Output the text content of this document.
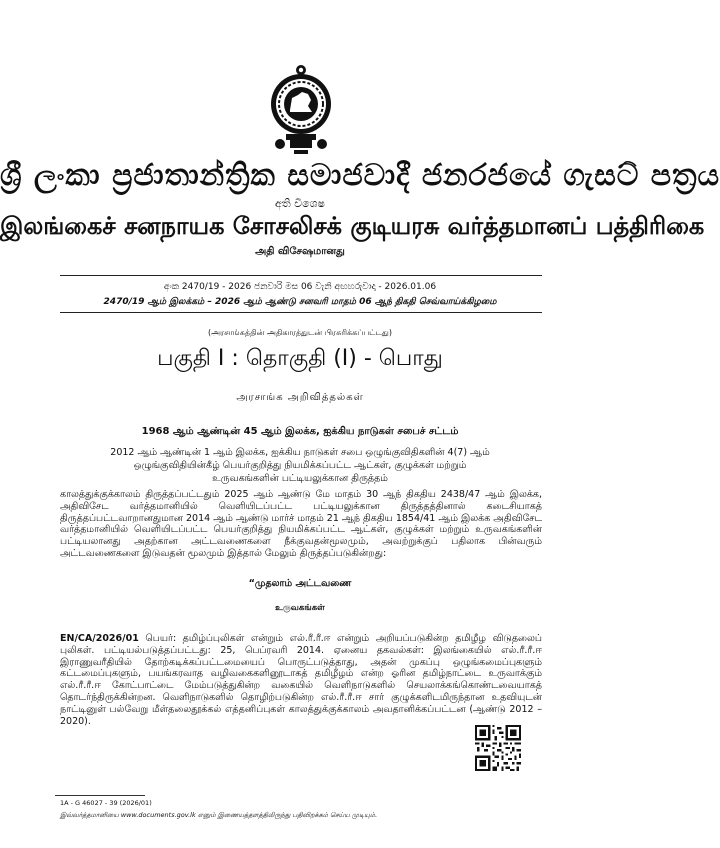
ශ්‍රී ලංකා ප්‍රජාතාන්ත්‍රික සමාජවාදී ජනරජයේ ගැසට් පත්‍රය
අති විශෙෂ
இலங்கைச் சனநாயக சோசலிசக் குடியரசு வர்த்தமானப் பத்திரிகை
அதி விசேஷமானது
අංක 2470/19 - 2026 ජනවාරි මස 06 වැනි අඟහරුවාදා - 2026.01.06
2470/19 ஆம் இலக்கம் – 2026 ஆம் ஆண்டு சனவரி மாதம் 06 ஆந் திகதி செவ்வாய்க்கிழமை
(அரசாங்கத்தின் அதிகாரத்துடன் பிரசுரிக்கப்பட்டது)
பகுதி I : தொகுதி (I) - பொது
அரசாங்க அறிவித்தல்கள்
1968 ஆம் ஆண்டின் 45 ஆம் இலக்க, ஐக்கிய நாடுகள் சபைச் சட்டம்
2012 ஆம் ஆண்டின் 1 ஆம் இலக்க, ஐக்கிய நாடுகள் சபை ஒழுங்குவிதிகளின் 4(7) ஆம் ஒழுங்குவிதியின்கீழ் பெயர்குறித்து நியமிக்கப்பட்ட ஆட்கள், குழுக்கள் மற்றும் உருவகங்களின் பட்டியலுக்கான திருத்தம்
காலத்துக்குக்காலம் திருத்தப்பட்டதும் 2025 ஆம் ஆண்டு மே மாதம் 30 ஆந் திகதிய 2438/47 ஆம் இலக்க, அதிவிசேட வர்த்தமானியில் வெளியிடப்பட்ட பட்டியலுக்கான திருத்தத்தினால் கடைசியாகத் திருத்தப்பட்டவாறானதுமான 2014 ஆம் ஆண்டு மார்ச் மாதம் 21 ஆந் திகதிய 1854/41 ஆம் இலக்க அதிவிசேட வர்த்தமானியில் வெளியிடப்பட்ட பெயர்குறித்து நியமிக்கப்பட்ட ஆட்கள், குழுக்கள் மற்றும் உருவகங்களின் பட்டியலானது அதற்கான அட்டவணைகளை நீக்குவதன்மூலமும், அவற்றுக்குப் பதிலாக பின்வரும் அட்டவணைகளை இடுவதன் மூலமும் இத்தால் மேலும் திருத்தப்படுகின்றது:
“முதலாம் அட்டவணை
உருவகங்கள்
EN/CA/2026/01 பெயர்: தமிழ்ப்புலிகள் என்றும் எல்.ரீ.ரீ.ஈ என்றும் அறியப்படுகின்ற தமிழீழ விடுதலைப் புலிகள். பட்டியல்படுத்தப்பட்டது: 25, பெப்ரவரி 2014. ஏனைய தகவல்கள்: இலங்கையில் எல்.ரீ.ரீ.ஈ இராணுவரீதியில் தோற்கடிக்கப்பட்டமையைப் பொருட்படுத்தாது, அதன் முகப்பு ஒழுங்கமைப்புகளும் கட்டமைப்புகளும், பயங்கரவாத வழிவகைகளினூடாகத் தமிழீழம் என்ற ஓரின தமிழ்நாட்டை உருவாக்கும் எல்.ரீ.ரீ.ஈ கோட்பாட்டை மேம்படுத்துகின்ற வகையில் வெளிநாடுகளில் செயலாக்கங்கொண்டவையாகத் தொடர்ந்திருக்கின்றன. வெளிநாடுகளில் தொழிற்படுகின்ற எல்.ரீ.ரீ.ஈ சார் குழுக்களிடமிருந்தான உதவியுடன் நாட்டினுள் பல்வேறு மீள்தலைதூக்கல் எத்தனிப்புகள் காலத்துக்குக்காலம் அவதானிக்கப்பட்டன (ஆண்டு 2012 – 2020).
1A - G 46027 - 39 (2026/01)
இவ்வர்த்தமானியை www.documents.gov.lk எனும் இணையத்தளத்திலிருந்து பதிவிறக்கம் செய்ய முடியும்.
